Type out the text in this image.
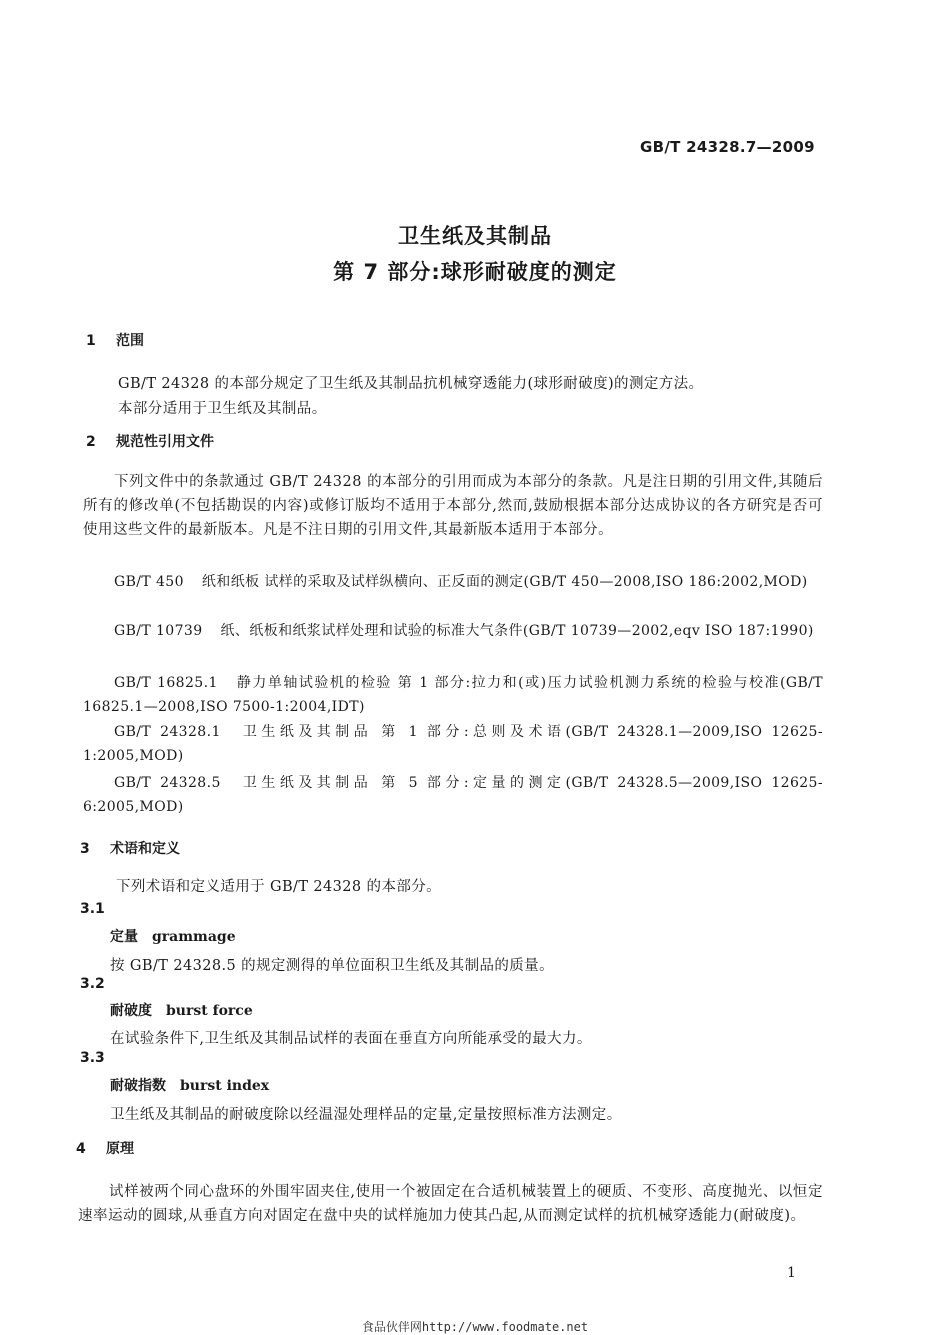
GB/T 24328.7—2009
卫生纸及其制品
第 7 部分:球形耐破度的测定
1 范围
GB/T 24328 的本部分规定了卫生纸及其制品抗机械穿透能力(球形耐破度)的测定方法。
本部分适用于卫生纸及其制品。
2 规范性引用文件
下列文件中的条款通过 GB/T 24328 的本部分的引用而成为本部分的条款。凡是注日期的引用文件,其随后所有的修改单(不包括勘误的内容)或修订版均不适用于本部分,然而,鼓励根据本部分达成协议的各方研究是否可使用这些文件的最新版本。凡是不注日期的引用文件,其最新版本适用于本部分。
GB/T 450 纸和纸板 试样的采取及试样纵横向、正反面的测定(GB/T 450—2008,ISO 186:2002,MOD)
GB/T 10739 纸、纸板和纸浆试样处理和试验的标准大气条件(GB/T 10739—2002,eqv ISO 187:1990)
GB/T 16825.1 静力单轴试验机的检验 第 1 部分:拉力和(或)压力试验机测力系统的检验与校准(GB/T 16825.1—2008,ISO 7500-1:2004,IDT)
GB/T 24328.1 卫生纸及其制品 第 1 部分:总则及术语(GB/T 24328.1—2009,ISO 12625-1:2005,MOD)
GB/T 24328.5 卫生纸及其制品 第 5 部分:定量的测定(GB/T 24328.5—2009,ISO 12625-6:2005,MOD)
3 术语和定义
下列术语和定义适用于 GB/T 24328 的本部分。
3.1
定量 grammage
按 GB/T 24328.5 的规定测得的单位面积卫生纸及其制品的质量。
3.2
耐破度 burst force
在试验条件下,卫生纸及其制品试样的表面在垂直方向所能承受的最大力。
3.3
耐破指数 burst index
卫生纸及其制品的耐破度除以经温湿处理样品的定量,定量按照标准方法测定。
4 原理
试样被两个同心盘环的外围牢固夹住,使用一个被固定在合适机械装置上的硬质、不变形、高度抛光、以恒定速率运动的圆球,从垂直方向对固定在盘中央的试样施加力使其凸起,从而测定试样的抗机械穿透能力(耐破度)。
1
食品伙伴网http://www.foodmate.net
